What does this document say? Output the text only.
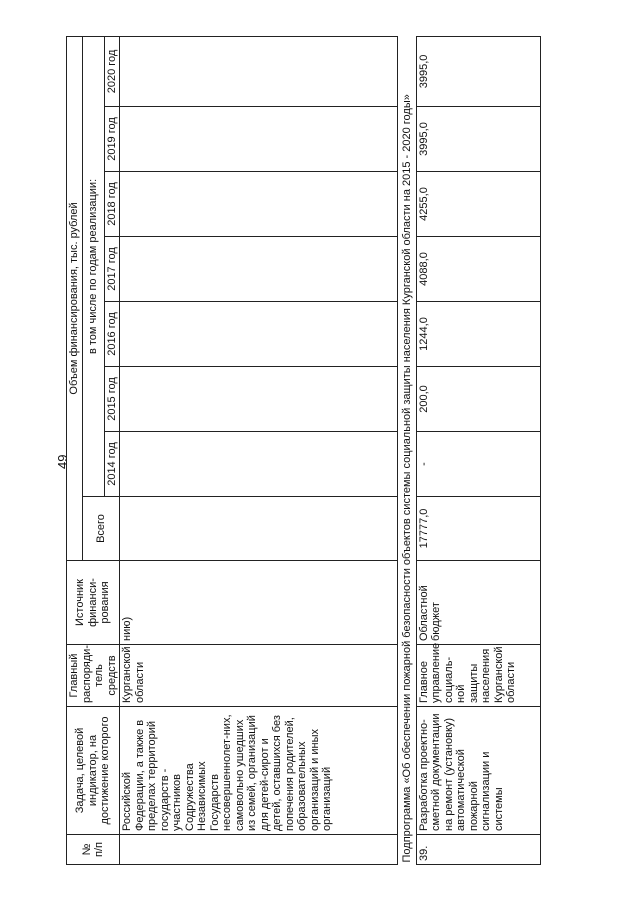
49
№ п/п	Задача, целевой индикатор, на достижение которого	Главный распоряди-тель средств	Источник финанси-рования	Объем финансирования, тыс. рублей							
				Всего	в том числе по годам реализации:						
					2014 год	2015 год	2016 год	2017 год	2018 год	2019 год	2020 год
	Российской Федерации, а также в пределах территорий государств - участников Содружества Независимых Государств несовершеннолет-них, самовольно ушедших из семей, организаций для детей-сирот и детей, оставшихся без попечения родителей, образовательных организаций и иных организаций	Курганской области	нию)								
Подпрограмма «Об обеспечении пожарной безопасности объектов системы социальной защиты населения Курганской области на 2015 - 2020 годы»											
39.	Разработка проектно-сметной документации на ремонт (установку) автоматической пожарной сигнализации и системы	Главное управление социаль-ной защиты населения Курганской области	Областной бюджет	17777,0	-	200,0	1244,0	4088,0	4255,0	3995,0	3995,0
